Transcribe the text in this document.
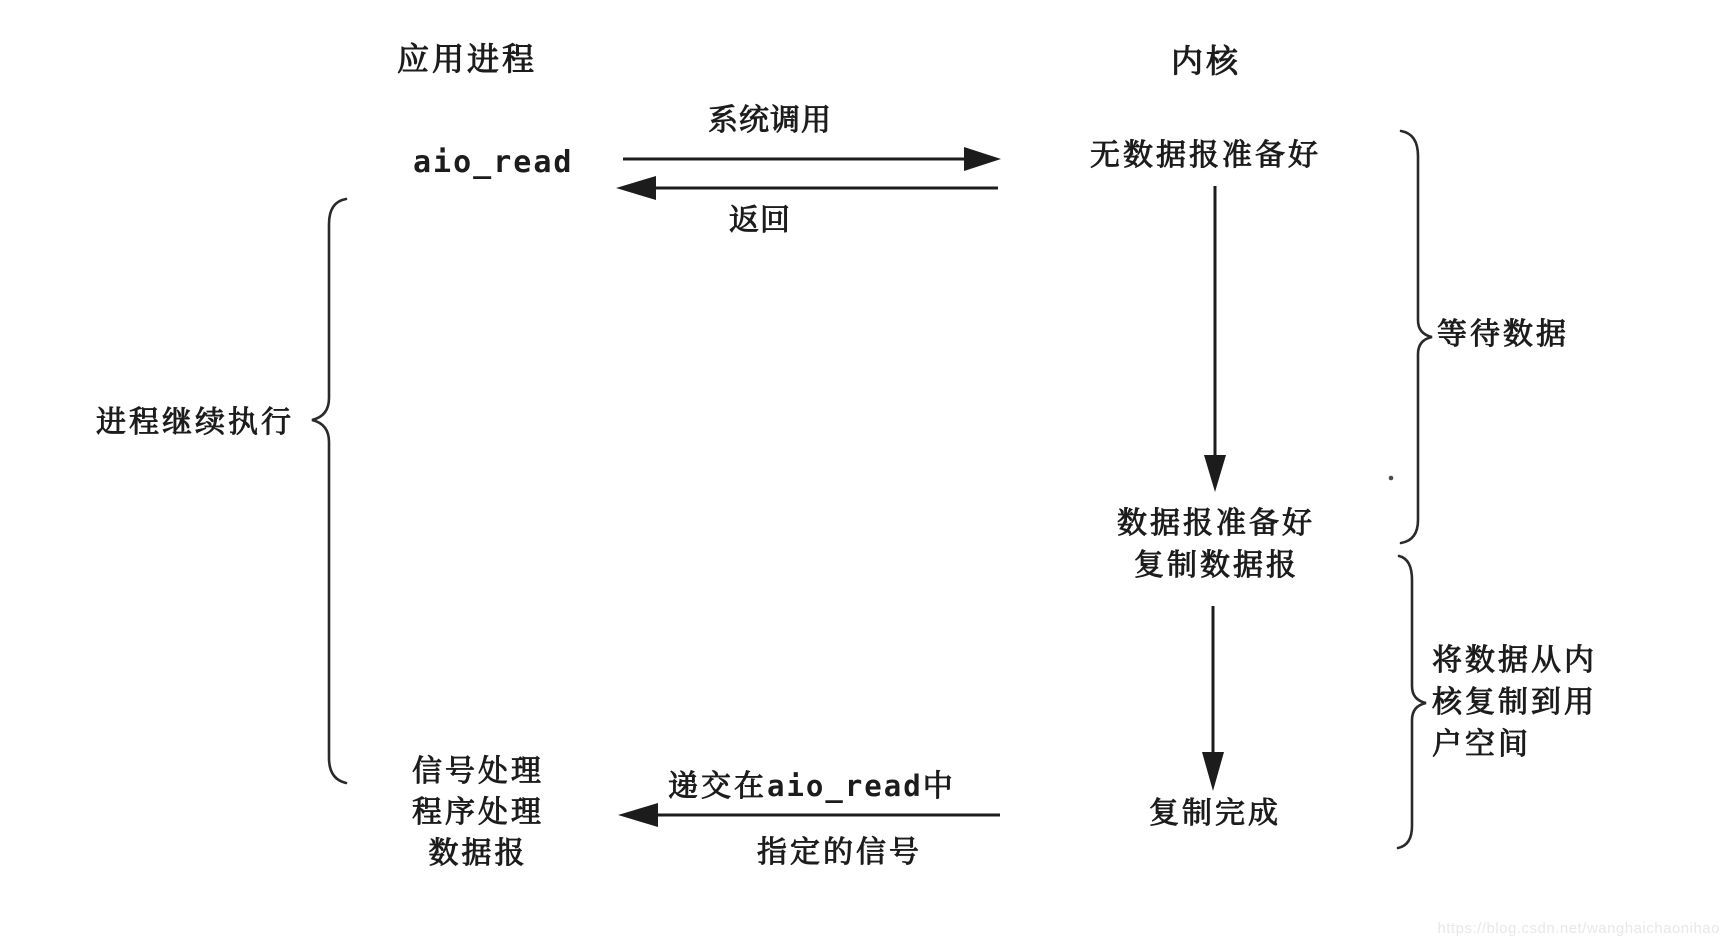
应用进程	内核
aio_read
系统调用
返回
无数据报准备好
数据报准备好
复制数据报
复制完成
等待数据
将数据从内
核复制到用
户空间
进程继续执行
信号处理
程序处理
数据报
递交在 aio_read 中
指定的信号
https://blog.csdn.net/wanghaichaonihao
